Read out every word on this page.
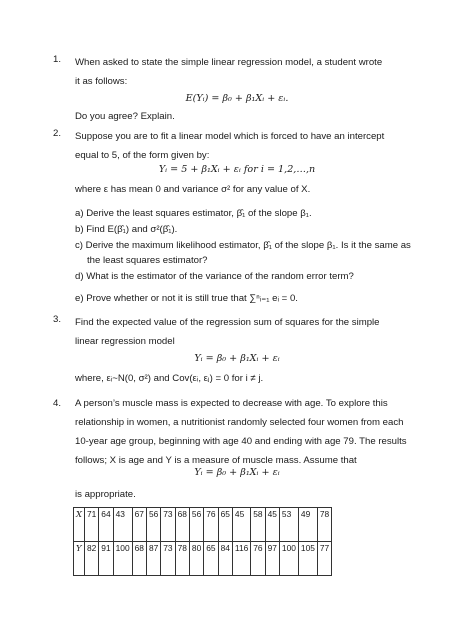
1. When asked to state the simple linear regression model, a student wrote it as follows:
E(Yᵢ) = β₀ + β₁Xᵢ + εᵢ.
Do you agree? Explain.
2. Suppose you are to fit a linear model which is forced to have an intercept equal to 5, of the form given by:
Yᵢ = 5 + β₁Xᵢ + εᵢ for i = 1,2,…,n
where ε has mean 0 and variance σ² for any value of X.
a) Derive the least squares estimator, β̂₁ of the slope β₁.
b) Find E(β̂₁) and σ²(β̂₁).
c) Derive the maximum likelihood estimator, β̂₁ of the slope β₁. Is it the same as
the least squares estimator?
d) What is the estimator of the variance of the random error term?
e) Prove whether or not it is still true that ∑ⁿᵢ₌₁ eᵢ = 0.
3. Find the expected value of the regression sum of squares for the simple linear regression model
Yᵢ = β₀ + β₁Xᵢ + εᵢ
where, εᵢ~N(0, σ²) and Cov(εᵢ, εⱼ) = 0 for i ≠ j.
4. A person’s muscle mass is expected to decrease with age. To explore this
relationship in women, a nutritionist randomly selected four women from each
10-year age group, beginning with age 40 and ending with age 79. The results
follows; X is age and Y is a measure of muscle mass. Assume that
Yᵢ = β₀ + β₁Xᵢ + εᵢ
is appropriate.
X	71	64	43	67	56	73	68	56	76	65	45	58	45	53	49	78
Y	82	91	100	68	87	73	78	80	65	84	116	76	97	100	105	77
